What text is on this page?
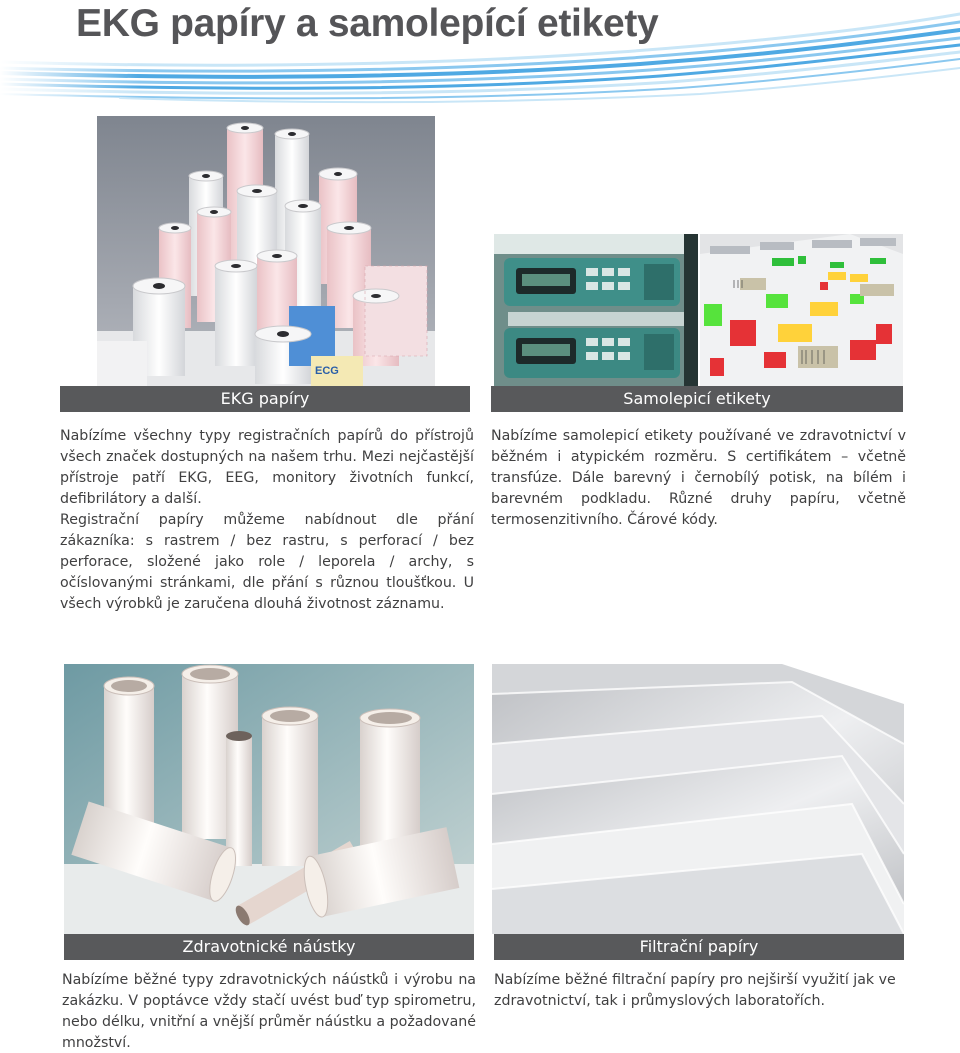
EKG papíry a samolepící etikety
ECG
EKG papíry

Nabízíme všechny typy registračních papírů do přístrojů všech značek dostupných na našem trhu. Mezi nejčastější přístroje patří EKG, EEG, monitory životních funkcí, defibrilátory a další.

Registrační papíry můžeme nabídnout dle přání zákazníka: s rastrem / bez rastru, s perforací / bez perforace, složené jako role / leporela / archy, s očíslovanými stránkami, dle přání s různou tloušťkou. U všech výrobků je zaručena dlouhá životnost záznamu.

Samolepicí etikety

Nabízíme samolepicí etikety používané ve zdravotnictví v běžném i atypickém rozměru. S certifikátem – včetně transfúze. Dále barevný i černobílý potisk, na bílém i barevném podkladu. Různé druhy papíru, včetně termosenzitivního. Čárové kódy.

Zdravotnické náústky

Nabízíme běžné typy zdravotnických náústků i výrobu na zakázku. V poptávce vždy stačí uvést buď typ spirometru, nebo délku, vnitřní a vnější průměr náústku a požadované množství.

Filtrační papíry

Nabízíme běžné filtrační papíry pro nejširší využití jak ve zdravotnictví, tak i průmyslových laboratořích.
